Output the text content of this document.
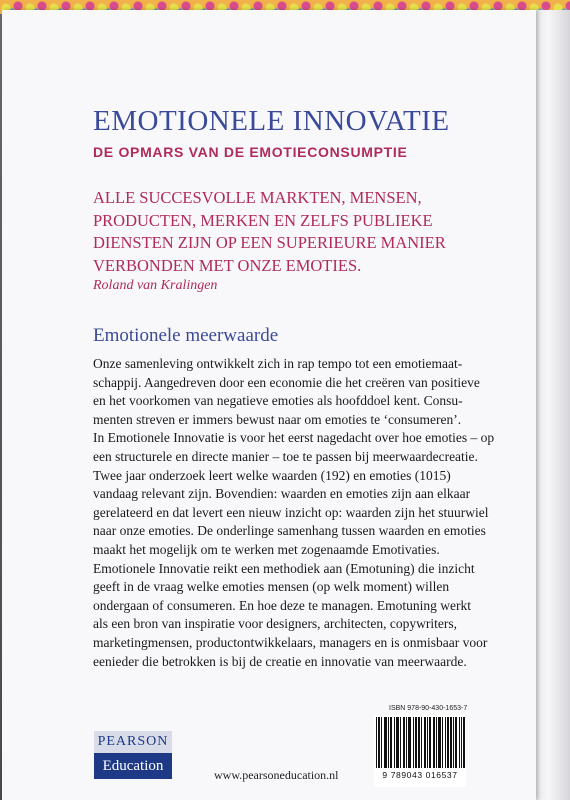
EMOTIONELE INNOVATIE
DE OPMARS VAN DE EMOTIECONSUMPTIE
ALLE SUCCESVOLLE MARKTEN, MENSEN,
PRODUCTEN, MERKEN EN ZELFS PUBLIEKE
DIENSTEN ZIJN OP EEN SUPERIEURE MANIER
VERBONDEN MET ONZE EMOTIES.
Roland van Kralingen
Emotionele meerwaarde
Onze samenleving ontwikkelt zich in rap tempo tot een emotiemaat-
schappij. Aangedreven door een economie die het creëren van positieve
en het voorkomen van negatieve emoties als hoofddoel kent. Consu-
menten streven er immers bewust naar om emoties te ‘consumeren’.
In Emotionele Innovatie is voor het eerst nagedacht over hoe emoties – op
een structurele en directe manier – toe te passen bij meerwaardecreatie.
Twee jaar onderzoek leert welke waarden (192) en emoties (1015)
vandaag relevant zijn. Bovendien: waarden en emoties zijn aan elkaar
gerelateerd en dat levert een nieuw inzicht op: waarden zijn het stuurwiel
naar onze emoties. De onderlinge samenhang tussen waarden en emoties
maakt het mogelijk om te werken met zogenaamde Emotivaties.
Emotionele Innovatie reikt een methodiek aan (Emotuning) die inzicht
geeft in de vraag welke emoties mensen (op welk moment) willen
ondergaan of consumeren. En hoe deze te managen. Emotuning werkt
als een bron van inspiratie voor designers, architecten, copywriters,
marketingmensen, productontwikkelaars, managers en is onmisbaar voor
eenieder die betrokken is bij de creatie en innovatie van meerwaarde.
ISBN 978-90-430-1653-7
9 789043 016537
PEARSON
Education
www.pearsoneducation.nl
